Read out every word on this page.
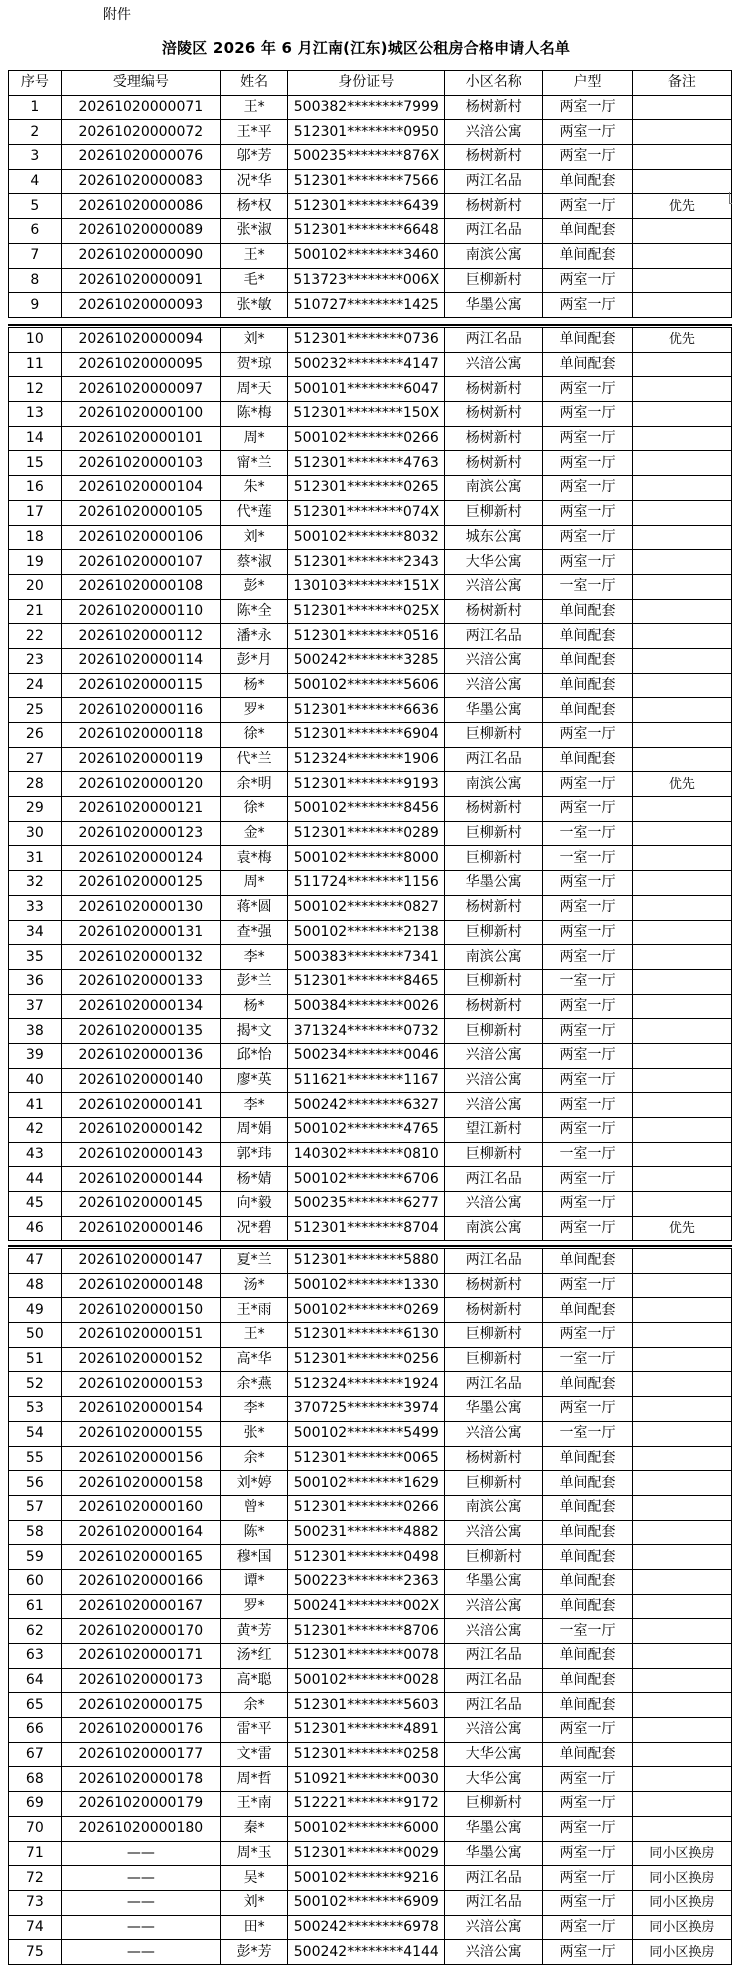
附件
涪陵区 2026 年 6 月江南(江东)城区公租房合格申请人名单
序号	受理编号	姓名	身份证号	小区名称	户型	备注
1	20261020000071	王*	500382********7999	杨树新村	两室一厅	
2	20261020000072	王*平	512301********0950	兴涪公寓	两室一厅	
3	20261020000076	邬*芳	500235********876X	杨树新村	两室一厅	
4	20261020000083	况*华	512301********7566	两江名品	单间配套	
5	20261020000086	杨*权	512301********6439	杨树新村	两室一厅	优先
6	20261020000089	张*淑	512301********6648	两江名品	单间配套	
7	20261020000090	王*	500102********3460	南滨公寓	单间配套	
8	20261020000091	毛*	513723********006X	巨柳新村	两室一厅	
9	20261020000093	张*敏	510727********1425	华墨公寓	两室一厅	
10	20261020000094	刘*	512301********0736	两江名品	单间配套	优先
11	20261020000095	贺*琼	500232********4147	兴涪公寓	单间配套	
12	20261020000097	周*天	500101********6047	杨树新村	两室一厅	
13	20261020000100	陈*梅	512301********150X	杨树新村	两室一厅	
14	20261020000101	周*	500102********0266	杨树新村	两室一厅	
15	20261020000103	甯*兰	512301********4763	杨树新村	两室一厅	
16	20261020000104	朱*	512301********0265	南滨公寓	两室一厅	
17	20261020000105	代*莲	512301********074X	巨柳新村	两室一厅	
18	20261020000106	刘*	500102********8032	城东公寓	两室一厅	
19	20261020000107	蔡*淑	512301********2343	大华公寓	两室一厅	
20	20261020000108	彭*	130103********151X	兴涪公寓	一室一厅	
21	20261020000110	陈*全	512301********025X	杨树新村	单间配套	
22	20261020000112	潘*永	512301********0516	两江名品	单间配套	
23	20261020000114	彭*月	500242********3285	兴涪公寓	单间配套	
24	20261020000115	杨*	500102********5606	兴涪公寓	单间配套	
25	20261020000116	罗*	512301********6636	华墨公寓	单间配套	
26	20261020000118	徐*	512301********6904	巨柳新村	两室一厅	
27	20261020000119	代*兰	512324********1906	两江名品	单间配套	
28	20261020000120	余*明	512301********9193	南滨公寓	两室一厅	优先
29	20261020000121	徐*	500102********8456	杨树新村	两室一厅	
30	20261020000123	金*	512301********0289	巨柳新村	一室一厅	
31	20261020000124	袁*梅	500102********8000	巨柳新村	一室一厅	
32	20261020000125	周*	511724********1156	华墨公寓	两室一厅	
33	20261020000130	蒋*圆	500102********0827	杨树新村	两室一厅	
34	20261020000131	查*强	500102********2138	巨柳新村	两室一厅	
35	20261020000132	李*	500383********7341	南滨公寓	两室一厅	
36	20261020000133	彭*兰	512301********8465	巨柳新村	一室一厅	
37	20261020000134	杨*	500384********0026	杨树新村	两室一厅	
38	20261020000135	揭*文	371324********0732	巨柳新村	两室一厅	
39	20261020000136	邱*怡	500234********0046	兴涪公寓	两室一厅	
40	20261020000140	廖*英	511621********1167	兴涪公寓	两室一厅	
41	20261020000141	李*	500242********6327	兴涪公寓	两室一厅	
42	20261020000142	周*娟	500102********4765	望江新村	两室一厅	
43	20261020000143	郭*玮	140302********0810	巨柳新村	一室一厅	
44	20261020000144	杨*婧	500102********6706	两江名品	两室一厅	
45	20261020000145	向*毅	500235********6277	兴涪公寓	两室一厅	
46	20261020000146	况*碧	512301********8704	南滨公寓	两室一厅	优先
47	20261020000147	夏*兰	512301********5880	两江名品	单间配套	
48	20261020000148	汤*	500102********1330	杨树新村	两室一厅	
49	20261020000150	王*雨	500102********0269	杨树新村	单间配套	
50	20261020000151	王*	512301********6130	巨柳新村	两室一厅	
51	20261020000152	高*华	512301********0256	巨柳新村	一室一厅	
52	20261020000153	余*燕	512324********1924	两江名品	单间配套	
53	20261020000154	李*	370725********3974	华墨公寓	两室一厅	
54	20261020000155	张*	500102********5499	兴涪公寓	一室一厅	
55	20261020000156	余*	512301********0065	杨树新村	单间配套	
56	20261020000158	刘*婷	500102********1629	巨柳新村	单间配套	
57	20261020000160	曾*	512301********0266	南滨公寓	单间配套	
58	20261020000164	陈*	500231********4882	兴涪公寓	单间配套	
59	20261020000165	穆*国	512301********0498	巨柳新村	单间配套	
60	20261020000166	谭*	500223********2363	华墨公寓	单间配套	
61	20261020000167	罗*	500241********002X	兴涪公寓	单间配套	
62	20261020000170	黄*芳	512301********8706	兴涪公寓	一室一厅	
63	20261020000171	汤*红	512301********0078	两江名品	单间配套	
64	20261020000173	高*聪	500102********0028	两江名品	单间配套	
65	20261020000175	余*	512301********5603	两江名品	单间配套	
66	20261020000176	雷*平	512301********4891	兴涪公寓	两室一厅	
67	20261020000177	文*雷	512301********0258	大华公寓	单间配套	
68	20261020000178	周*哲	510921********0030	大华公寓	两室一厅	
69	20261020000179	王*南	512221********9172	巨柳新村	两室一厅	
70	20261020000180	秦*	500102********6000	华墨公寓	两室一厅	
71	——	周*玉	512301********0029	华墨公寓	两室一厅	同小区换房
72	——	吴*	500102********9216	两江名品	两室一厅	同小区换房
73	——	刘*	500102********6909	两江名品	两室一厅	同小区换房
74	——	田*	500242********6978	兴涪公寓	两室一厅	同小区换房
75	——	彭*芳	500242********4144	兴涪公寓	两室一厅	同小区换房
